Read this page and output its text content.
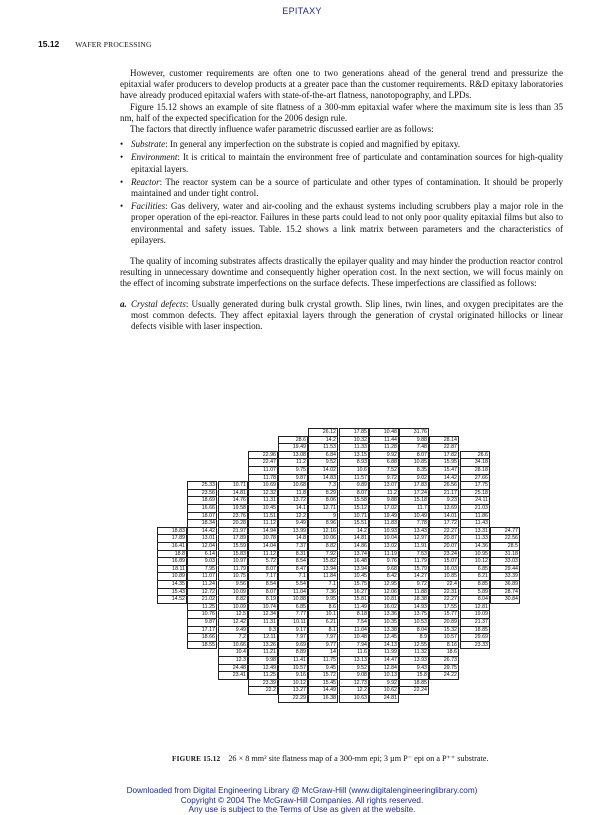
EPITAXY
15.12 WAFER PROCESSING

However, customer requirements are often one to two generations ahead of the general trend and pressurize the epitaxial wafer producers to develop products at a greater pace than the customer requirements. R&D epitaxy laboratories have already produced epitaxial wafers with state-of-the-art flatness, nanotopography, and LPDs.

Figure 15.12 shows an example of site flatness of a 300-mm epitaxial wafer where the maximum site is less than 35 nm, half of the expected specification for the 2006 design rule.

The factors that directly influence wafer parametric discussed earlier are as follows:

• Substrate: In general any imperfection on the substrate is copied and magnified by epitaxy.
• Environment: It is critical to maintain the environment free of particulate and contamination sources for high-quality epitaxial layers.
• Reactor: The reactor system can be a source of particulate and other types of contamination. It should be properly maintained and under tight control.
• Facilities: Gas delivery, water and air-cooling and the exhaust systems including scrubbers play a major role in the proper operation of the epi-reactor. Failures in these parts could lead to not only poor quality epitaxial films but also to environmental and safety issues. Table. 15.2 shows a link matrix between parameters and the characteristics of epilayers.

The quality of incoming substrates affects drastically the epilayer quality and may hinder the production reactor control resulting in unnecessary downtime and consequently higher operation cost. In the next section, we will focus mainly on the effect of incoming substrate imperfections on the surface defects. These imperfections are classified as follows:

a. Crystal defects: Usually generated during bulk crystal growth. Slip lines, twin lines, and oxygen precipitates are the most common defects. They affect epitaxial layers through the generation of crystal originated hillocks or linear defects visible with laser inspection.
26.12	17.85	10.48	31.76
28.6	14.2	10.32	11.44	9.88	28.14
19.49	11.53	11.33	11.28	7.48	22.87
22.96	13.08	6.84	13.15	9.92	8.07	17.82	26.6
22.47	11.2	9.52	8.93	6.88	10.85	15.95	34.18
11.07	9.75	14.02	10.6	7.52	8.35	15.47	28.18
11.78	9.87	14.83	11.57	9.72	9.02	14.42	27.66
25.33	10.71	10.69	10.68	7.3	9.89	13.07	17.83	26.56	17.75
23.56	14.81	12.32	11.8	8.29	8.07	11.2	17.24	21.17	25.18
18.69	14.76	11.31	13.72	8.06	15.58	9.88	15.18	9.23	24.11
16.66	19.58	10.45	14.1	12.71	15.12	17.02	11.7	13.69	21.03
18.07	23.76	11.51	12.2	9	10.71	19.49	10.49	14.01	11.86
18.34	20.28	11.12	9.49	8.96	15.51	11.83	7.78	17.72	11.43
18.83	14.42	21.97	14.94	13.99	12.16	14.2	10.93	13.43	22.27	13.31	24.77
17.89	13.01	17.89	10.78	14.8	10.06	14.81	10.04	12.97	20.87	11.33	22.56
16.41	12.04	15.59	14.04	7.37	8.82	14.86	13.02	11.91	20.07	14.36	28.5
18.8	6.14	15.83	11.12	8.31	7.92	13.74	11.19	7.53	23.24	10.95	31.18
16.89	9.03	10.97	5.72	8.54	15.82	16.48	9.76	11.79	15.07	10.12	33.03
18.11	7.95	11.79	8.07	8.47	13.94	13.94	9.68	15.79	16.03	6.85	29.44
10.89	11.07	10.75	7.17	7.1	11.84	10.45	8.42	14.27	10.85	8.21	33.39
14.35	11.24	9.56	8.54	5.54	7.1	15.75	12.95	9.72	22.4	8.85	36.89
15.43	12.72	10.09	8.07	11.04	7.36	16.27	12.06	11.88	22.31	5.89	28.74
14.52	21.02	8.82	8.19	10.88	9.95	15.81	10.81	18.38	22.27	8.04	30.84
11.25	10.09	10.74	6.85	8.6	11.49	16.02	14.93	17.55	12.81
10.76	12.5	12.34	7.77	10.1	8.18	13.36	13.75	15.77	19.09
9.87	12.42	11.31	10.11	6.21	7.54	10.35	10.53	20.89	21.37
17.17	9.49	9.3	9.17	8.1	11.04	13.38	8.04	15.32	18.85
18.66	7.2	12.11	7.97	7.97	10.48	12.45	8.9	10.57	29.69
18.55	10.66	13.26	9.69	9.77	7.94	14.13	12.55	8.16	23.33
10.4	11.21	8.89	14	11.6	11.99	11.32	18.6
12.3	9.98	11.41	11.75	13.13	14.47	13.93	26.73
24.48	12.49	10.57	9.45	9.52	12.84	9.43	29.75
23.41	11.25	9.16	15.72	9.08	10.13	15.8	24.22
23.39	10.12	15.45	12.73	9.92	18.85
22.2	13.27	14.49	12.2	10.62	22.24
22.29	16.38	10.63	24.81
FIGURE 15.12 26 × 8 mm² site flatness map of a 300-mm epi; 3 µm P⁻ epi on a P⁺⁺ substrate.
Downloaded from Digital Engineering Library @ McGraw-Hill (www.digitalengineeringlibrary.com)
Copyright © 2004 The McGraw-Hill Companies. All rights reserved.
Any use is subject to the Terms of Use as given at the website.
